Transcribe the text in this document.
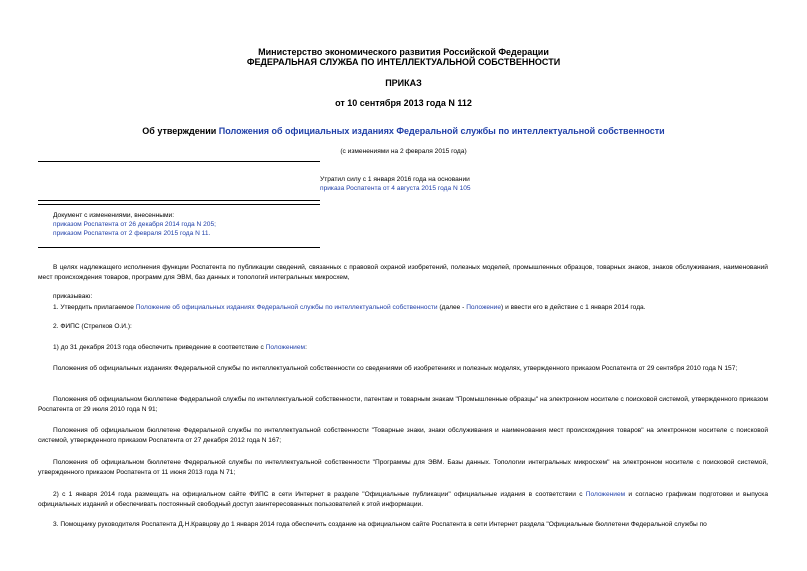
Министерство экономического развития Российской Федерации
ФЕДЕРАЛЬНАЯ СЛУЖБА ПО ИНТЕЛЛЕКТУАЛЬНОЙ СОБСТВЕННОСТИ
ПРИКАЗ
от 10 сентября 2013 года N 112
Об утверждении Положения об официальных изданиях Федеральной службы по интеллектуальной собственности
(с изменениями на 2 февраля 2015 года)
Утратил силу с 1 января 2016 года на основании
приказа Роспатента от 4 августа 2015 года N 105
Документ с изменениями, внесенными:
приказом Роспатента от 26 декабря 2014 года N 205;
приказом Роспатента от 2 февраля 2015 года N 11.
В целях надлежащего исполнения функции Роспатента по публикации сведений, связанных с правовой охраной изобретений, полезных моделей, промышленных образцов, товарных знаков, знаков обслуживания, наименований мест происхождения товаров, программ для ЭВМ, баз данных и топологий интегральных микросхем,
приказываю:
1. Утвердить прилагаемое Положение об официальных изданиях Федеральной службы по интеллектуальной собственности (далее - Положение) и ввести его в действие с 1 января 2014 года.
2. ФИПС (Стрелков О.И.):
1) до 31 декабря 2013 года обеспечить приведение в соответствие с Положением:
Положения об официальных изданиях Федеральной службы по интеллектуальной собственности со сведениями об изобретениях и полезных моделях, утвержденного приказом Роспатента от 29 сентября 2010 года N 157;
Положения об официальном бюллетене Федеральной службы по интеллектуальной собственности, патентам и товарным знакам "Промышленные образцы" на электронном носителе с поисковой системой, утвержденного приказом Роспатента от 29 июля 2010 года N 91;
Положения об официальном бюллетене Федеральной службы по интеллектуальной собственности "Товарные знаки, знаки обслуживания и наименования мест происхождения товаров" на электронном носителе с поисковой системой, утвержденного приказом Роспатента от 27 декабря 2012 года N 167;
Положения об официальном бюллетене Федеральной службы по интеллектуальной собственности "Программы для ЭВМ. Базы данных. Топологии интегральных микросхем" на электронном носителе с поисковой системой, утвержденного приказом Роспатента от 11 июня 2013 года N 71;
2) с 1 января 2014 года размещать на официальном сайте ФИПС в сети Интернет в разделе "Официальные публикации" официальные издания в соответствии с Положением и согласно графикам подготовки и выпуска официальных изданий и обеспечивать постоянный свободный доступ заинтересованных пользователей к этой информации.
3. Помощнику руководителя Роспатента Д.Н.Кравцову до 1 января 2014 года обеспечить создание на официальном сайте Роспатента в сети Интернет раздела "Официальные бюллетени Федеральной службы по
